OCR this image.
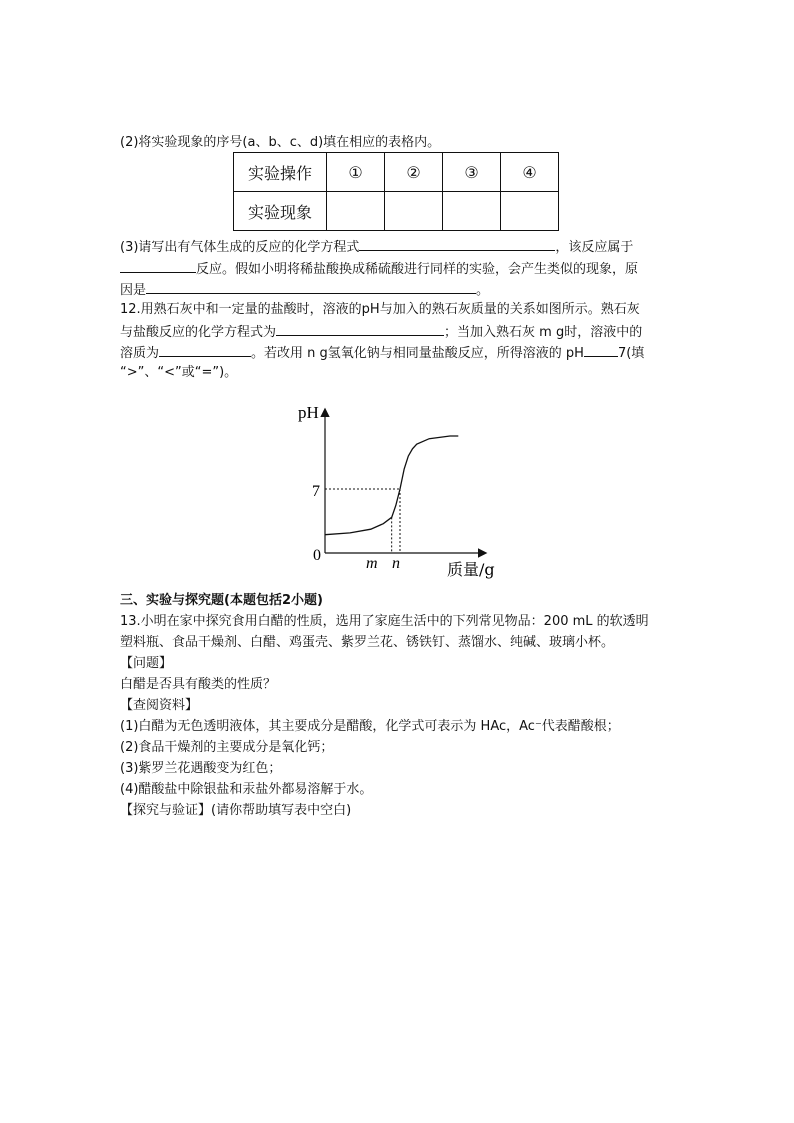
(2)将实验现象的序号(a、b、c、d)填在相应的表格内。
实验操作	①	②	③	④
实验现象				
(3)请写出有气体生成的反应的化学方程式	，该反应属于
反应。假如小明将稀盐酸换成稀硫酸进行同样的实验，会产生类似的现象，原
因是	。
12.用熟石灰中和一定量的盐酸时，溶液的pH与加入的熟石灰质量的关系如图所示。熟石灰
与盐酸反应的化学方程式为	；当加入熟石灰 m g时，溶液中的
溶质为	。若改用 n g氢氧化钠与相同量盐酸反应，所得溶液的 pH	7(填
“>”、“<”或“=”)。
pH
质量/g
7
0	m n
三、实验与探究题(本题包括2小题)
13.小明在家中探究食用白醋的性质，选用了家庭生活中的下列常见物品：200 mL 的软透明
塑料瓶、食品干燥剂、白醋、鸡蛋壳、紫罗兰花、锈铁钉、蒸馏水、纯碱、玻璃小杯。
【问题】
白醋是否具有酸类的性质？
【查阅资料】
(1)白醋为无色透明液体，其主要成分是醋酸，化学式可表示为 HAc，Ac⁻代表醋酸根；
(2)食品干燥剂的主要成分是氧化钙；
(3)紫罗兰花遇酸变为红色；
(4)醋酸盐中除银盐和汞盐外都易溶解于水。
【探究与验证】(请你帮助填写表中空白)
